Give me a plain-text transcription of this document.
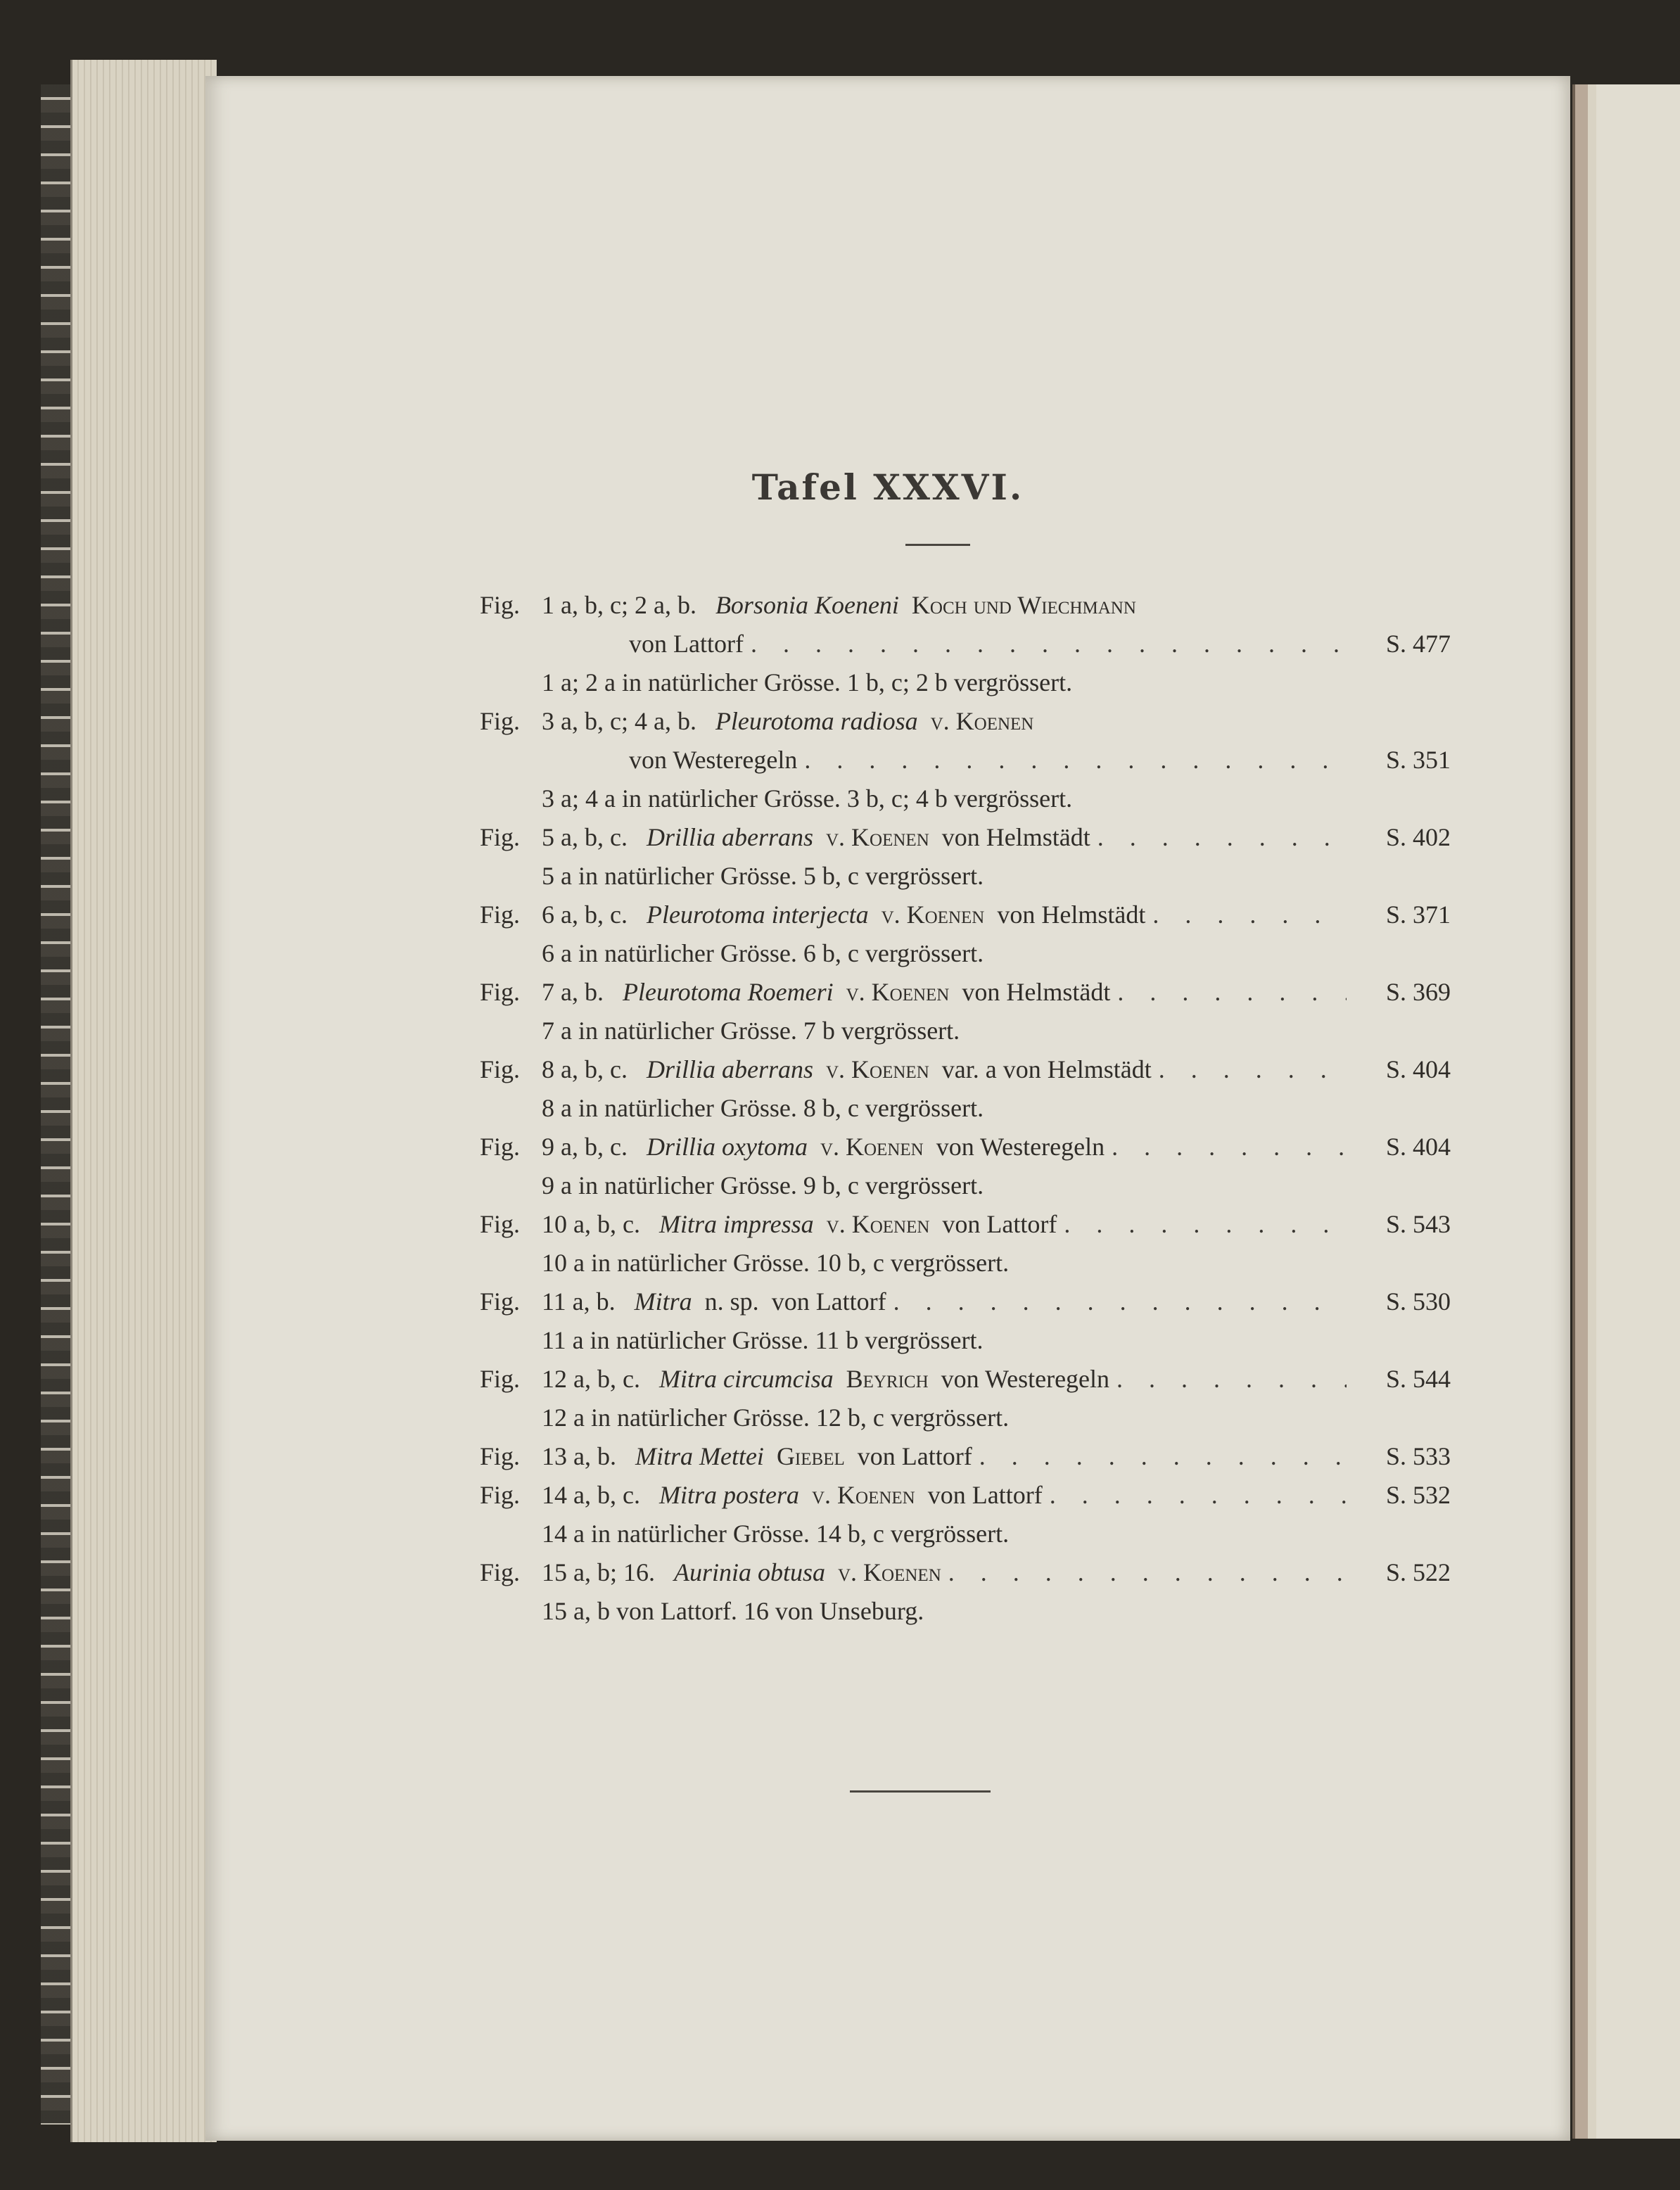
Tafel XXXVI.
Fig. 1 a, b, c; 2 a, b. Borsonia Koeneni Koch und Wiechmann
von Lattorf . . .	S. 477
1 a; 2 a in natürlicher Grösse. 1 b, c; 2 b vergrössert.
Fig. 3 a, b, c; 4 a, b. Pleurotoma radiosa v. Koenen
von Westeregeln . . .	S. 351
3 a; 4 a in natürlicher Grösse. 3 b, c; 4 b vergrössert.
Fig. 5 a, b, c. Drillia aberrans v. Koenen von Helmstädt . . .	S. 402
5 a in natürlicher Grösse. 5 b, c vergrössert.
Fig. 6 a, b, c. Pleurotoma interjecta v. Koenen von Helmstädt . . .	S. 371
6 a in natürlicher Grösse. 6 b, c vergrössert.
Fig. 7 a, b. Pleurotoma Roemeri v. Koenen von Helmstädt . . .	S. 369
7 a in natürlicher Grösse. 7 b vergrössert.
Fig. 8 a, b, c. Drillia aberrans v. Koenen var. a von Helmstädt . . .	S. 404
8 a in natürlicher Grösse. 8 b, c vergrössert.
Fig. 9 a, b, c. Drillia oxytoma v. Koenen von Westeregeln . . .	S. 404
9 a in natürlicher Grösse. 9 b, c vergrössert.
Fig. 10 a, b, c. Mitra impressa v. Koenen von Lattorf . . .	S. 543
10 a in natürlicher Grösse. 10 b, c vergrössert.
Fig. 11 a, b. Mitra n. sp. von Lattorf . . .	S. 530
11 a in natürlicher Grösse. 11 b vergrössert.
Fig. 12 a, b, c. Mitra circumcisa Beyrich von Westeregeln . . .	S. 544
12 a in natürlicher Grösse. 12 b, c vergrössert.
Fig. 13 a, b. Mitra Mettei Giebel von Lattorf . . .	S. 533
Fig. 14 a, b, c. Mitra postera v. Koenen von Lattorf . . .	S. 532
14 a in natürlicher Grösse. 14 b, c vergrössert.
Fig. 15 a, b; 16. Aurinia obtusa v. Koenen . . .	S. 522
15 a, b von Lattorf. 16 von Unseburg.
